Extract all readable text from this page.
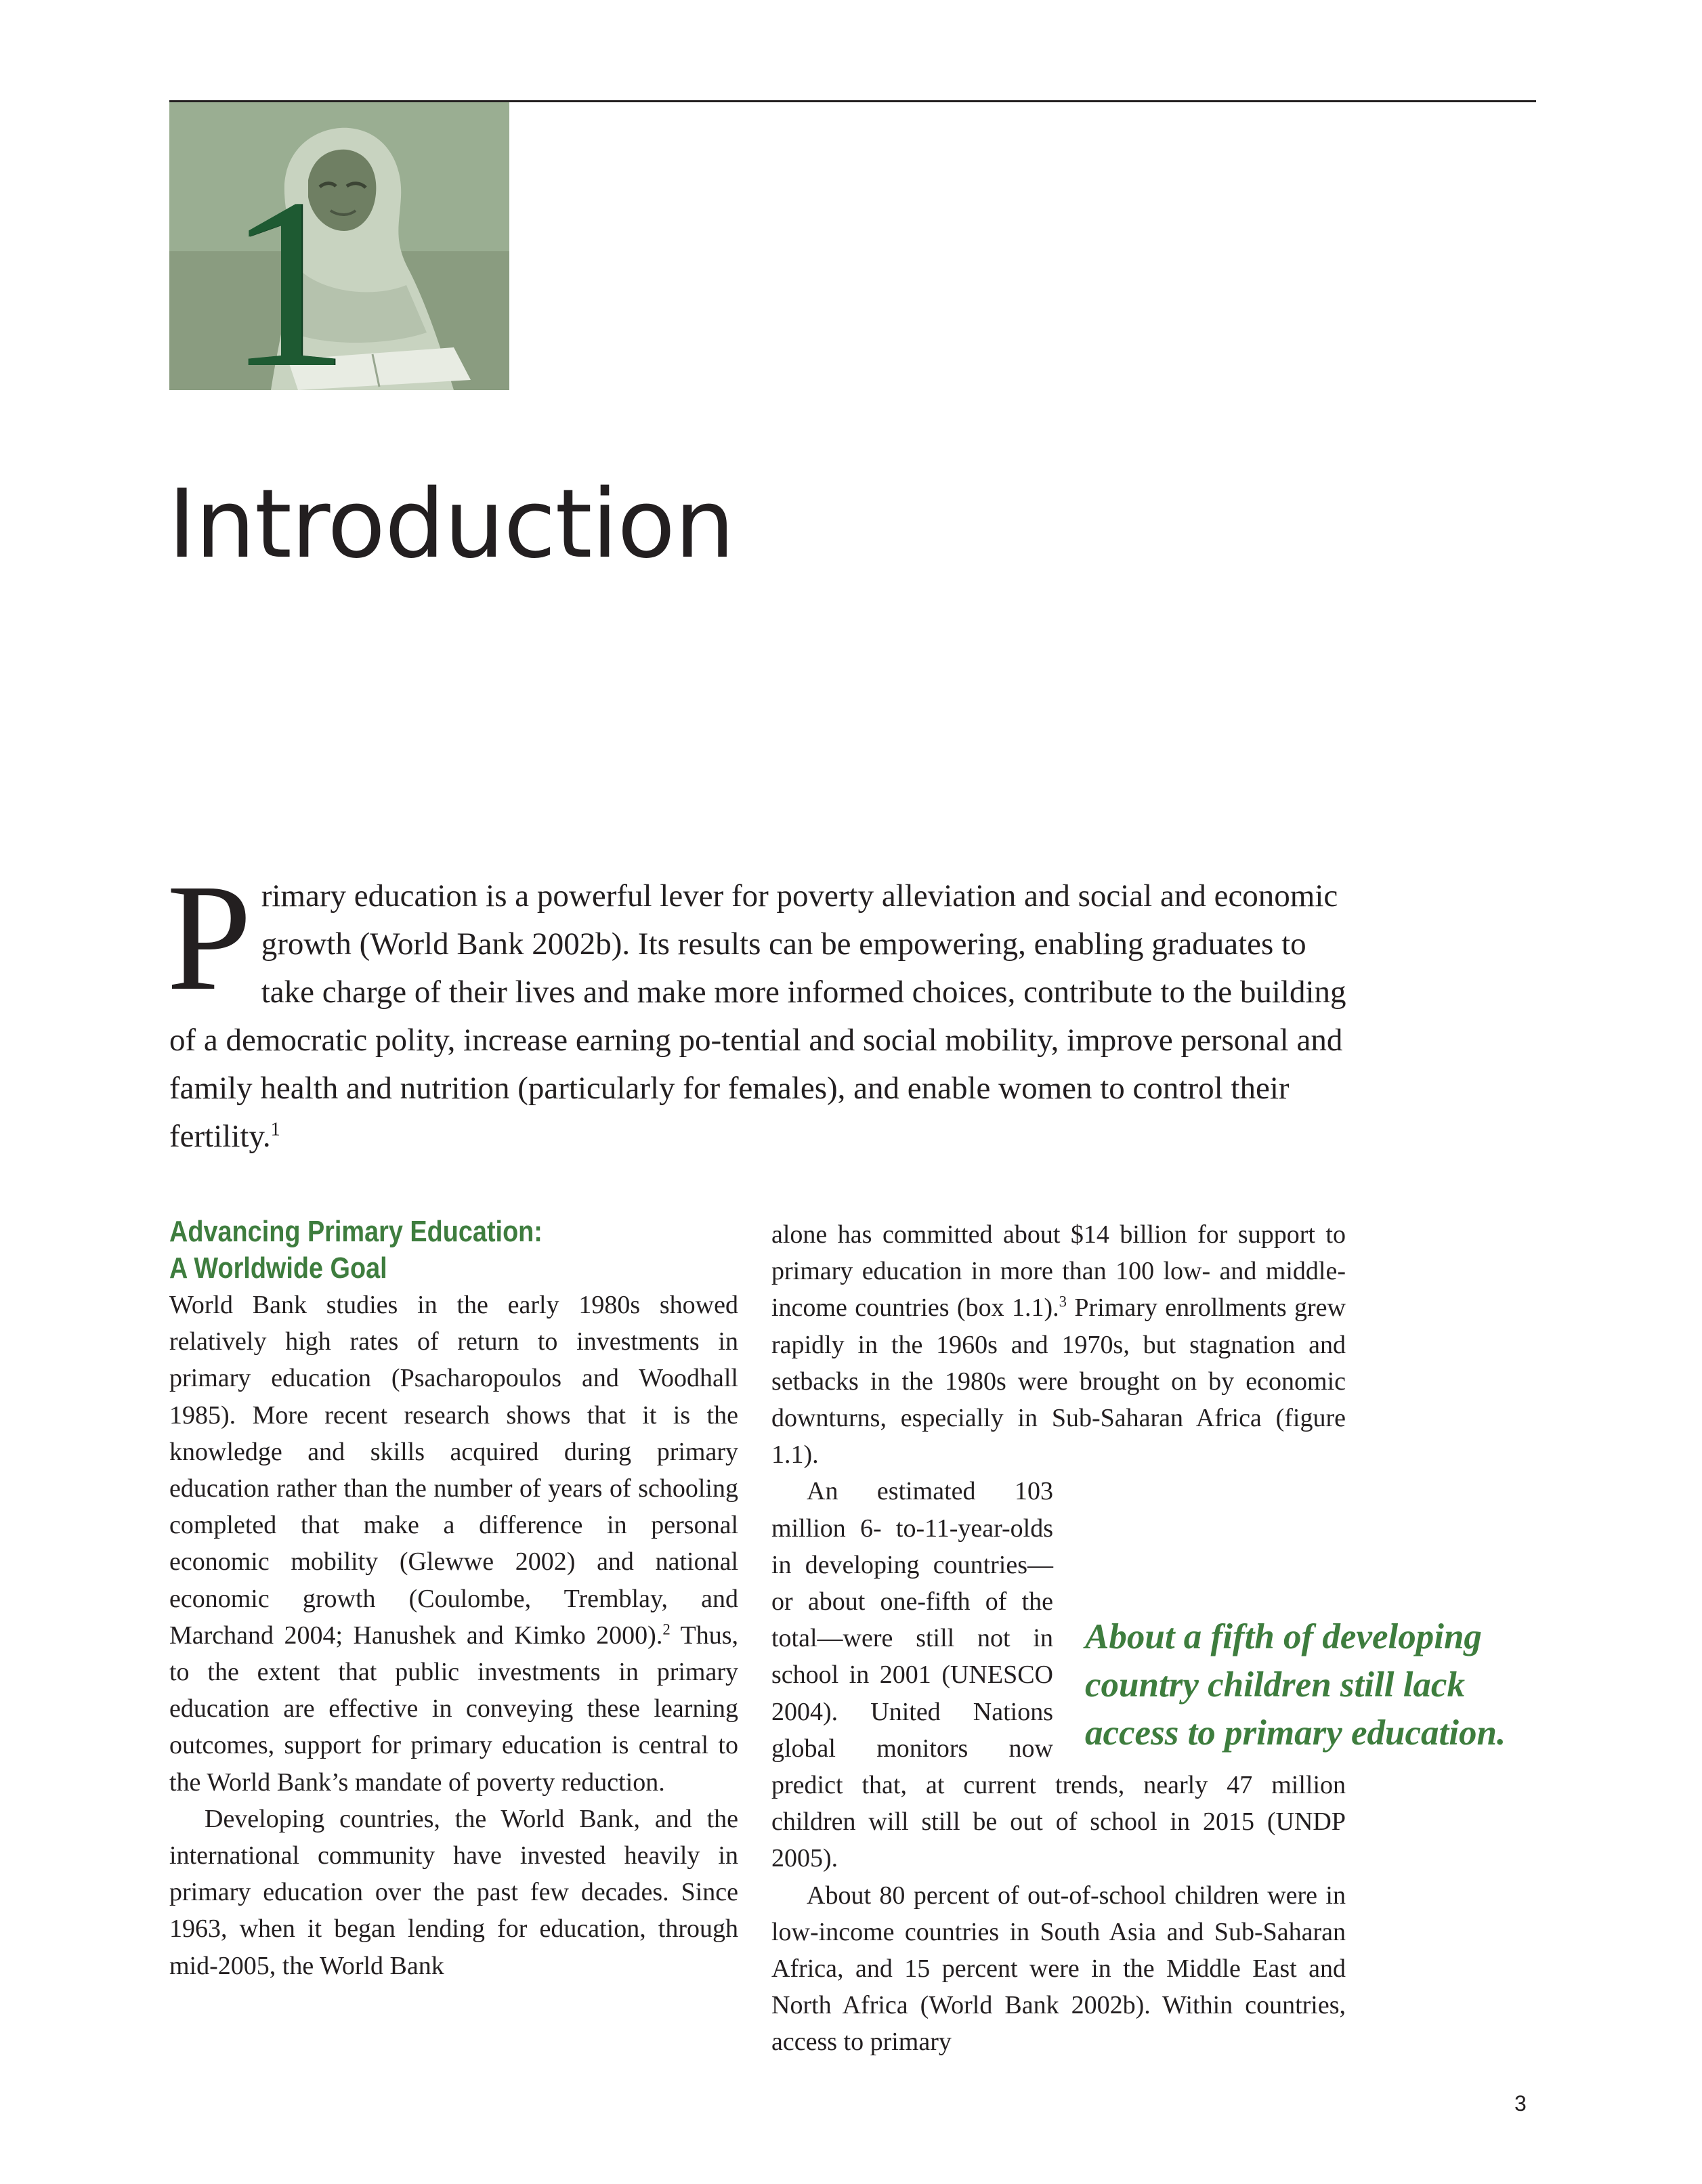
1
Introduction

Primary education is a powerful lever for poverty alleviation and social and economic growth (World Bank 2002b). Its results can be empowering, enabling graduates to take charge of their lives and make more informed choices, contribute to the building of a democratic polity, increase earning po-tential and social mobility, improve personal and family health and nutrition (particularly for females), and enable women to control their fertility.$^1$

Advancing Primary Education:
A Worldwide Goal

World Bank studies in the early 1980s showed relatively high rates of return to investments in primary education (Psacharopoulos and Woodhall 1985). More recent research shows that it is the knowledge and skills acquired during primary education rather than the number of years of schooling completed that make a difference in personal economic mobility (Glewwe 2002) and national economic growth (Coulombe, Tremblay, and Marchand 2004; Hanushek and Kimko 2000).$^2$ Thus, to the extent that public investments in primary education are effective in conveying these learning outcomes, support for primary education is central to the World Bank’s mandate of poverty reduction.

Developing countries, the World Bank, and the international community have invested heavily in primary education over the past few decades. Since 1963, when it began lending for education, through mid-2005, the World Bank

alone has committed about $14 billion for support to primary education in more than 100 low- and middle-income countries (box 1.1).$^3$ Primary enrollments grew rapidly in the 1960s and 1970s, but stagnation and setbacks in the 1980s were brought on by economic downturns, especially in Sub-Saharan Africa (figure 1.1).

An estimated 103 million 6- to-11-year-olds in developing countries—or about one-fifth of the total—were still not in school in 2001 (UNESCO 2004). United Nations global monitors now predict that, at current trends, nearly 47 million children will still be out of school in 2015 (UNDP 2005).

About 80 percent of out-of-school children were in low-income countries in South Asia and Sub-Saharan Africa, and 15 percent were in the Middle East and North Africa (World Bank 2002b). Within countries, access to primary

About a fifth of developing country children still lack access to primary education.

3
